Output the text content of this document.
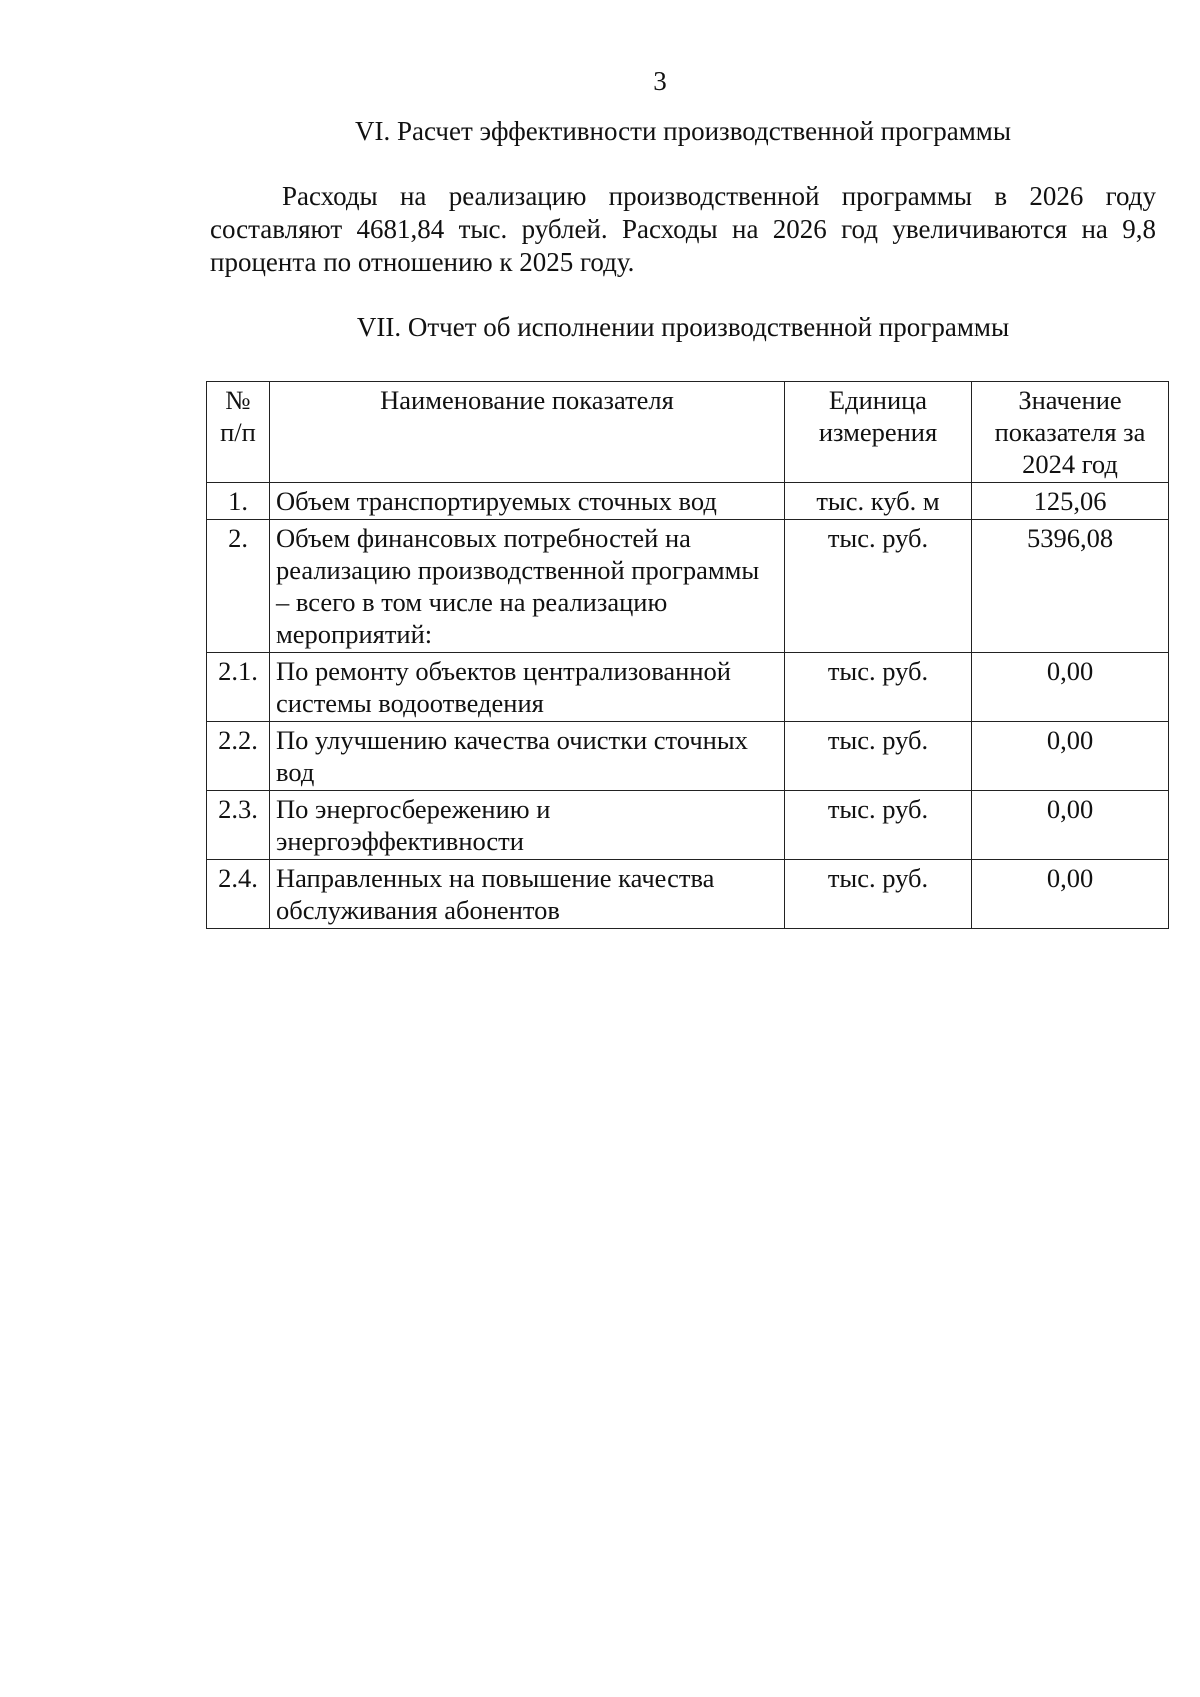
3
VI. Расчет эффективности производственной программы

Расходы на реализацию производственной программы в 2026 году составляют 4681,84 тыс. рублей. Расходы на 2026 год увеличиваются на 9,8 процента по отношению к 2025 году.

VII. Отчет об исполнении производственной программы
№ п/п	Наименование показателя	Единица измерения	Значение показателя за 2024 год
1.	Объем транспортируемых сточных вод	тыс. куб. м	125,06
2.	Объем финансовых потребностей на реализацию производственной программы – всего в том числе на реализацию мероприятий:	тыс. руб.	5396,08
2.1.	По ремонту объектов централизованной системы водоотведения	тыс. руб.	0,00
2.2.	По улучшению качества очистки сточных вод	тыс. руб.	0,00
2.3.	По энергосбережению и энергоэффективности	тыс. руб.	0,00
2.4.	Направленных на повышение качества обслуживания абонентов	тыс. руб.	0,00
